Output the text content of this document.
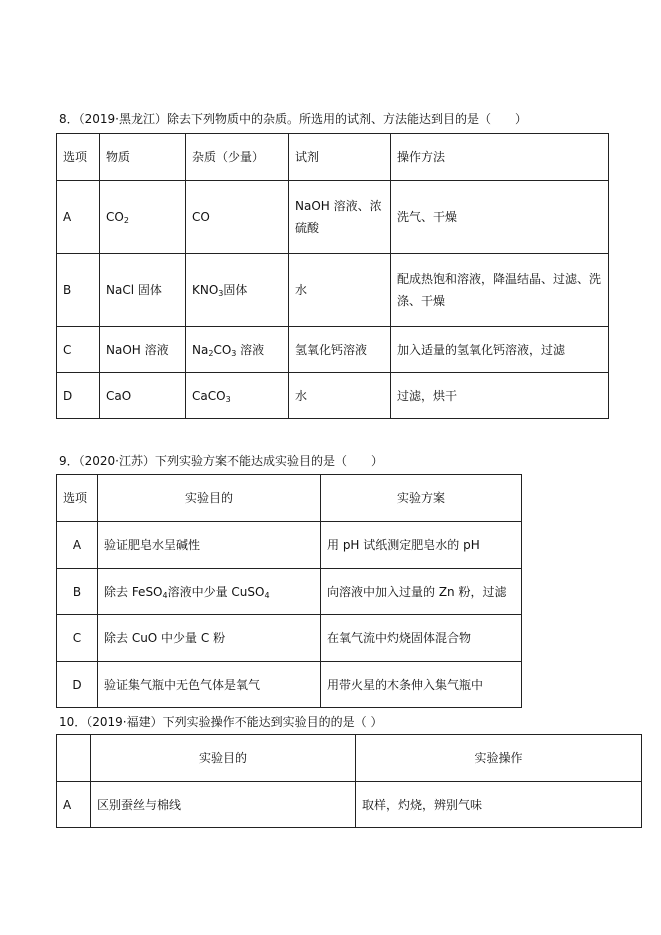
8．（2019·黑龙江）除去下列物质中的杂质。所选用的试剂、方法能达到目的是（　　）
选项	物质	杂质（少量）	试剂	操作方法
A	$CO_2$	CO	NaOH 溶液、浓硫酸	洗气、干燥
B	NaCl 固体	$KNO_3$固体	水	配成热饱和溶液，降温结晶、过滤、洗涤、干燥
C	NaOH 溶液	$Na_2CO_3$ 溶液	氢氧化钙溶液	加入适量的氢氧化钙溶液，过滤
D	CaO	CaCO$_3$	水	过滤，烘干
9．（2020·江苏）下列实验方案不能达成实验目的是（　　）
选项	实验目的	实验方案
A	验证肥皂水呈碱性	用 pH 试纸测定肥皂水的 pH
B	除去 FeSO$_4$溶液中少量 CuSO$_4$	向溶液中加入过量的 Zn 粉，过滤
C	除去 CuO 中少量 C 粉	在氧气流中灼烧固体混合物
D	验证集气瓶中无色气体是氧气	用带火星的木条伸入集气瓶中
10．（2019·福建）下列实验操作不能达到实验目的的是（ ）
	实验目的	实验操作
A	区别蚕丝与棉线	取样，灼烧，辨别气味
